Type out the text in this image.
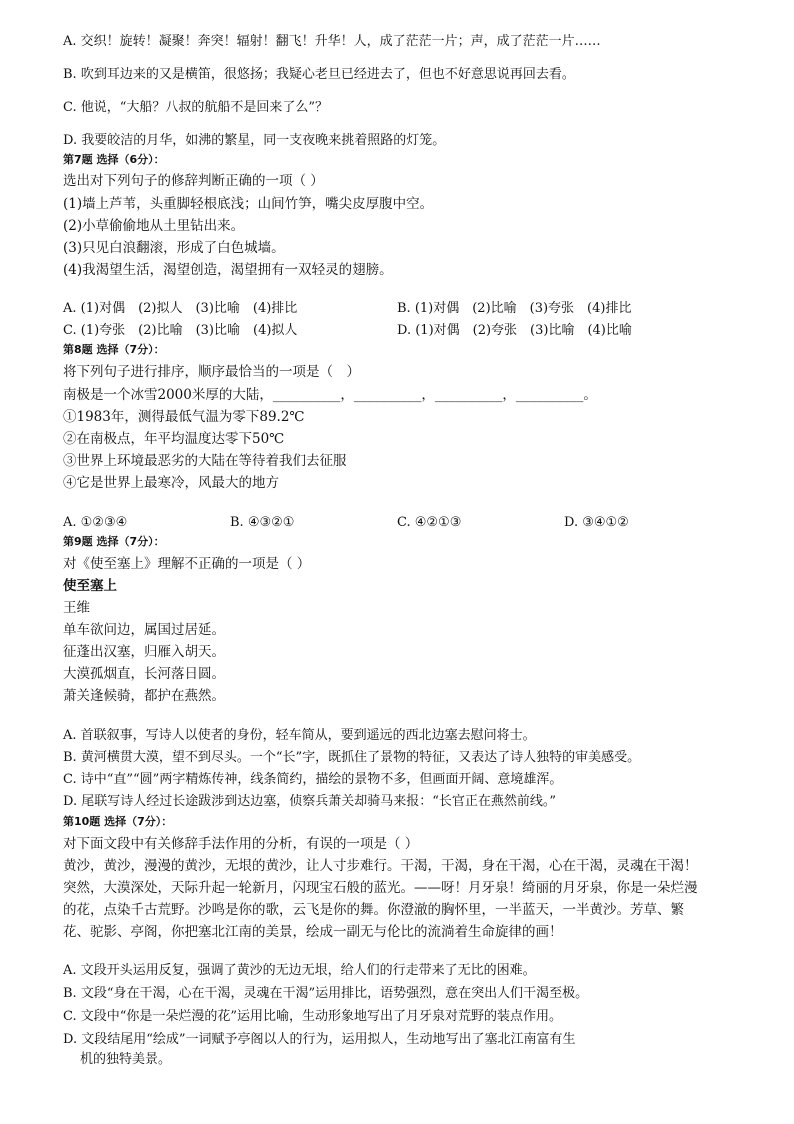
A. 交织！旋转！凝聚！奔突！辐射！翻飞！升华！人，成了茫茫一片；声，成了茫茫一片……
B. 吹到耳边来的又是横笛，很悠扬；我疑心老旦已经进去了，但也不好意思说再回去看。
C. 他说，“大船？八叔的航船不是回来了么”？
D. 我要皎洁的月华，如沸的繁星，同一支夜晚来挑着照路的灯笼。
第7题 选择（6分）：
选出对下列句子的修辞判断正确的一项（ ）
(1)墙上芦苇，头重脚轻根底浅；山间竹笋，嘴尖皮厚腹中空。
(2)小草偷偷地从土里钻出来。
(3)只见白浪翻滚，形成了白色城墙。
(4)我渴望生活，渴望创造，渴望拥有一双轻灵的翅膀。
A. (1)对偶　(2)拟人　(3)比喻　(4)排比	B. (1)对偶　(2)比喻　(3)夸张　(4)排比
C. (1)夸张　(2)比喻　(3)比喻　(4)拟人	D. (1)对偶　(2)夸张　(3)比喻　(4)比喻
第8题 选择（7分）：
将下列句子进行排序，顺序最恰当的一项是（　）
南极是一个冰雪2000米厚的大陆，__________，__________，__________，__________。
①1983年，测得最低气温为零下89.2℃
②在南极点，年平均温度达零下50℃
③世界上环境最恶劣的大陆在等待着我们去征服
④它是世界上最寒冷，风最大的地方
A. ①②③④	B. ④③②①	C. ④②①③	D. ③④①②
第9题 选择（7分）：
对《使至塞上》理解不正确的一项是（ ）
使至塞上
王维
单车欲问边，属国过居延。
征蓬出汉塞，归雁入胡天。
大漠孤烟直，长河落日圆。
萧关逢候骑，都护在燕然。
A. 首联叙事，写诗人以使者的身份，轻车简从，要到遥远的西北边塞去慰问将士。
B. 黄河横贯大漠，望不到尽头。一个“长”字，既抓住了景物的特征，又表达了诗人独特的审美感受。
C. 诗中“直”“圆”两字精炼传神，线条简约，描绘的景物不多，但画面开阔、意境雄浑。
D. 尾联写诗人经过长途跋涉到达边塞，侦察兵萧关却骑马来报：“长官正在燕然前线。”
第10题 选择（7分）：
对下面文段中有关修辞手法作用的分析，有误的一项是（ ）
黄沙，黄沙，漫漫的黄沙，无垠的黄沙，让人寸步难行。干渴，干渴，身在干渴，心在干渴，灵魂在干渴！
突然，大漠深处，天际升起一轮新月，闪现宝石般的蓝光。——呀！月牙泉！绮丽的月牙泉，你是一朵烂漫
的花，点染千古荒野。沙鸣是你的歌，云飞是你的舞。你澄澈的胸怀里，一半蓝天，一半黄沙。芳草、繁
花、驼影、亭阁，你把塞北江南的美景，绘成一副无与伦比的流淌着生命旋律的画！
A. 文段开头运用反复，强调了黄沙的无边无垠，给人们的行走带来了无比的困难。
B. 文段“身在干渴，心在干渴，灵魂在干渴”运用排比，语势强烈，意在突出人们干渴至极。
C. 文段中“你是一朵烂漫的花”运用比喻，生动形象地写出了月牙泉对荒野的装点作用。
D. 文段结尾用“绘成”一词赋予亭阁以人的行为，运用拟人，生动地写出了塞北江南富有生
机的独特美景。
